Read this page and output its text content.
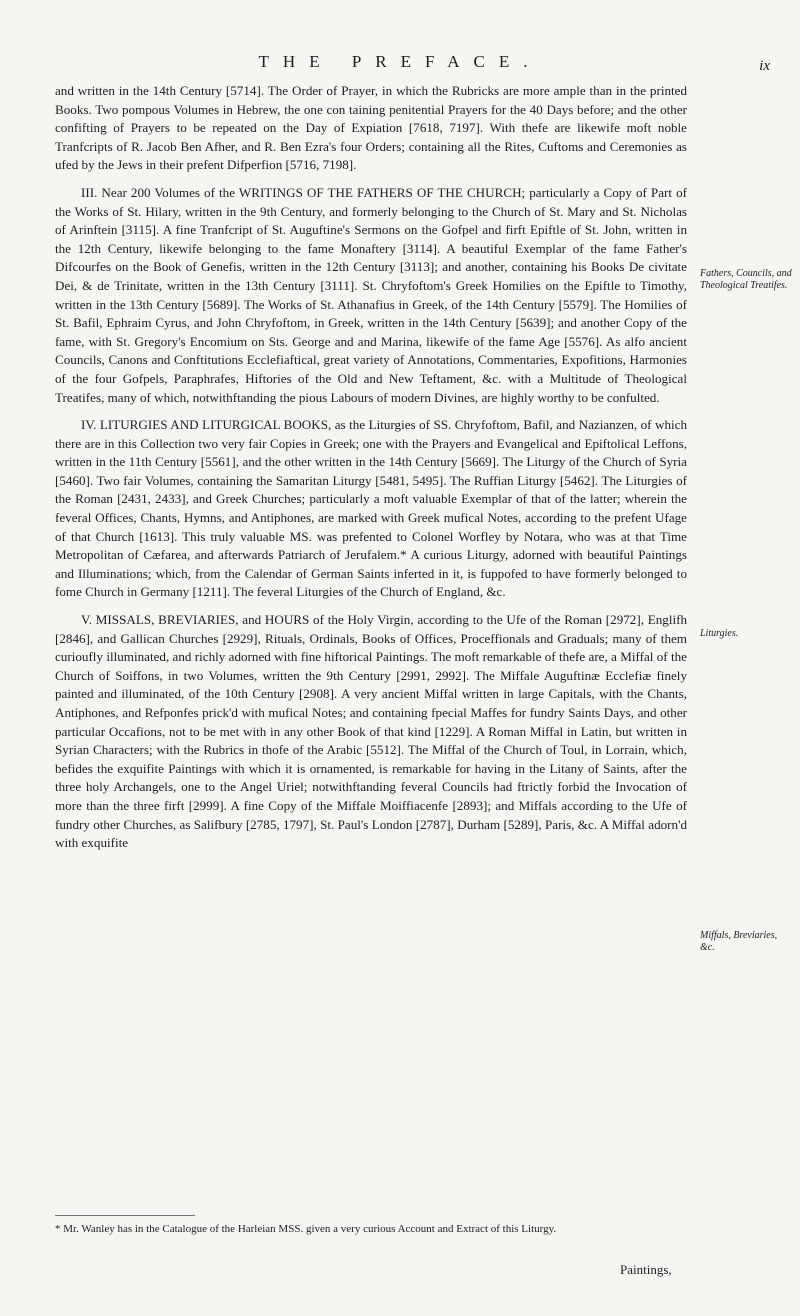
THE PREFACE.	ix

and written in the 14th Century [5714]. The Order of Prayer, in which the Rubricks are more ample than in the printed Books. Two pompous Volumes in Hebrew, the one con taining penitential Prayers for the 40 Days before; and the other confifting of Prayers to be repeated on the Day of Expiation [7618, 7197]. With thefe are likewife moft noble Tranfcripts of R. Jacob Ben Afher, and R. Ben Ezra's four Orders; containing all the Rites, Cuftoms and Ceremonies as ufed by the Jews in their prefent Difperfion [5716, 7198].

III. Near 200 Volumes of the WRITINGS OF THE FATHERS OF THE CHURCH; particularly a Copy of Part of the Works of St. Hilary, written in the 9th Century, and formerly belonging to the Church of St. Mary and St. Nicholas of Arinftein [3115]. A fine Tranfcript of St. Auguftine's Sermons on the Gofpel and firft Epiftle of St. John, written in the 12th Century, likewife belonging to the fame Monaftery [3114]. A beautiful Exemplar of the fame Father's Difcourfes on the Book of Genefis, written in the 12th Century [3113]; and another, containing his Books De civitate Dei, & de Trinitate, written in the 13th Century [3111]. St. Chryfoftom's Greek Homilies on the Epiftle to Timothy, written in the 13th Century [5689]. The Works of St. Athanafius in Greek, of the 14th Century [5579]. The Homilies of St. Bafil, Ephraim Cyrus, and John Chryfoftom, in Greek, written in the 14th Century [5639]; and another Copy of the fame, with St. Gregory's Encomium on Sts. George and and Marina, likewife of the fame Age [5576]. As alfo ancient Councils, Canons and Conftitutions Ecclefiaftical, great variety of Annotations, Commentaries, Expofitions, Harmonies of the four Gofpels, Paraphrafes, Hiftories of the Old and New Teftament, &c. with a Multitude of Theological Treatifes, many of which, notwithftanding the pious Labours of modern Divines, are highly worthy to be confulted.

IV. LITURGIES AND LITURGICAL BOOKS, as the Liturgies of SS. Chryfoftom, Bafil, and Nazianzen, of which there are in this Collection two very fair Copies in Greek; one with the Prayers and Evangelical and Epiftolical Leffons, written in the 11th Century [5561], and the other written in the 14th Century [5669]. The Liturgy of the Church of Syria [5460]. Two fair Volumes, containing the Samaritan Liturgy [5481, 5495]. The Ruffian Liturgy [5462]. The Liturgies of the Roman [2431, 2433], and Greek Churches; particularly a moft valuable Exemplar of that of the latter; wherein the feveral Offices, Chants, Hymns, and Antiphones, are marked with Greek mufical Notes, according to the prefent Ufage of that Church [1613]. This truly valuable MS. was prefented to Colonel Worfley by Notara, who was at that Time Metropolitan of Cæfarea, and afterwards Patriarch of Jerufalem.* A curious Liturgy, adorned with beautiful Paintings and Illuminations; which, from the Calendar of German Saints inferted in it, is fuppofed to have formerly belonged to fome Church in Germany [1211]. The feveral Liturgies of the Church of England, &c.

V. MISSALS, BREVIARIES, and HOURS of the Holy Virgin, according to the Ufe of the Roman [2972], Englifh [2846], and Gallican Churches [2929], Rituals, Ordinals, Books of Offices, Proceffionals and Graduals; many of them curioufly illuminated, and richly adorned with fine hiftorical Paintings. The moft remarkable of thefe are, a Miffal of the Church of Soiffons, in two Volumes, written the 9th Century [2991, 2992]. The Miffale Auguftinæ Ecclefiæ finely painted and illuminated, of the 10th Century [2908]. A very ancient Miffal written in large Capitals, with the Chants, Antiphones, and Refponfes prick'd with mufical Notes; and containing fpecial Maffes for fundry Saints Days, and other particular Occafions, not to be met with in any other Book of that kind [1229]. A Roman Miffal in Latin, but written in Syrian Characters; with the Rubrics in thofe of the Arabic [5512]. The Miffal of the Church of Toul, in Lorrain, which, befides the exquifite Paintings with which it is ornamented, is remarkable for having in the Litany of Saints, after the three holy Archangels, one to the Angel Uriel; notwithftanding feveral Councils had ftrictly forbid the Invocation of more than the three firft [2999]. A fine Copy of the Miffale Moiffiacenfe [2893]; and Miffals according to the Ufe of fundry other Churches, as Salifbury [2785, 1797], St. Paul's London [2787], Durham [5289], Paris, &c. A Miffal adorn'd with exquifite

Fathers, Councils, and Theological Treatifes.
Liturgies.
Miffals, Breviaries, &c.
* Mr. Wanley has in the Catalogue of the Harleian MSS. given a very curious Account and Extract of this Liturgy.
Paintings,
